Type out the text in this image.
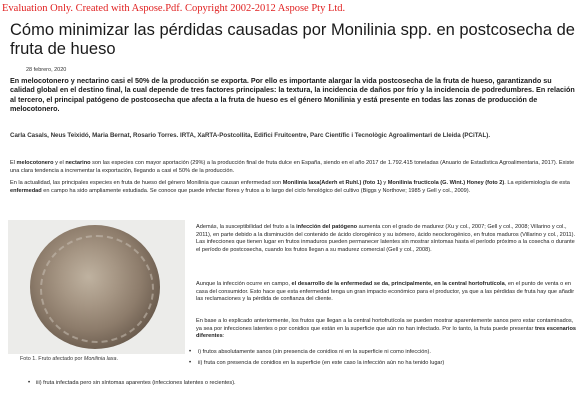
Evaluation Only. Created with Aspose.Pdf. Copyright 2002-2012 Aspose Pty Ltd.
Cómo minimizar las pérdidas causadas por Monilinia spp. en postcosecha de fruta de hueso
28 febrero, 2020

En melocotonero y nectarino casi el 50% de la producción se exporta. Por ello es importante alargar la vida postcosecha de la fruta de hueso, garantizando su calidad global en el destino final, la cual depende de tres factores principales: la textura, la incidencia de daños por frío y la incidencia de podredumbres. En relación al tercero, el principal patógeno de postcosecha que afecta a la fruta de hueso es el género Monilinia y está presente en todas las zonas de producción de melocotonero.

Carla Casals, Neus Teixidó, Maria Bernat, Rosario Torres. IRTA, XaRTA-Postcollita, Edifici Fruitcentre, Parc Científic i Tecnològic Agroalimentari de Lleida (PCiTAL).

El melocotonero y el nectarino son las especies con mayor aportación (29%) a la producción final de fruta dulce en España, siendo en el año 2017 de 1.792.415 toneladas (Anuario de Estadística Agroalimentaria, 2017). Existe una clara tendencia a incrementar la exportación, llegando a casi el 50% de la producción.

En la actualidad, las principales especies en fruta de hueso del género Monilinia que causan enfermedad son Monilinia laxa(Aderh et Ruhl.) (foto 1) y Monilinia fructicola (G. Wint.) Honey (foto 2). La epidemiología de esta enfermedad en campo ha sido ampliamente estudiada. Se conoce que puede infectar flores y frutos a lo largo del ciclo fenológico del cultivo (Biggs y Northove; 1985 y Gell y col., 2009).

Foto 1. Fruto afectado por Monilinia laxa.

Además, la susceptibilidad del fruto a la infección del patógeno aumenta con el grado de madurez (Xu y col., 2007; Gell y col., 2008; Villarino y col., 2011), en parte debido a la disminución del contenido de ácido clorogénico y su isómero, ácido neoclorogénico, en frutos maduros (Villarino y col., 2011). Las infecciones que tienen lugar en frutos inmaduros pueden permanecer latentes sin mostrar síntomas hasta el período próximo a la cosecha o durante el período de postcosecha, cuando los frutos llegan a su madurez comercial (Gell y col., 2008).

Aunque la infección ocurre en campo, el desarrollo de la enfermedad se da, principalmente, en la central hortofrutícola, en el punto de venta o en casa del consumidor. Esto hace que esta enfermedad tenga un gran impacto económico para el productor, ya que a las pérdidas de fruta hay que añadir las reclamaciones y la pérdida de confianza del cliente.

En base a lo explicado anteriormente, los frutos que llegan a la central hortofrutícola se pueden mostrar aparentemente sanos pero estar contaminados, ya sea por infecciones latentes o por conidios que están en la superficie que aún no han infectado. Por lo tanto, la fruta puede presentar tres escenarios diferentes:

• i) frutos absolutamente sanos (sin presencia de conidios ni en la superficie ni como infección).
• ii) fruta con presencia de conidios en la superficie (en este caso la infección aún no ha tenido lugar)
• iii) fruta infectada pero sin síntomas aparentes (infecciones latentes o recientes).
